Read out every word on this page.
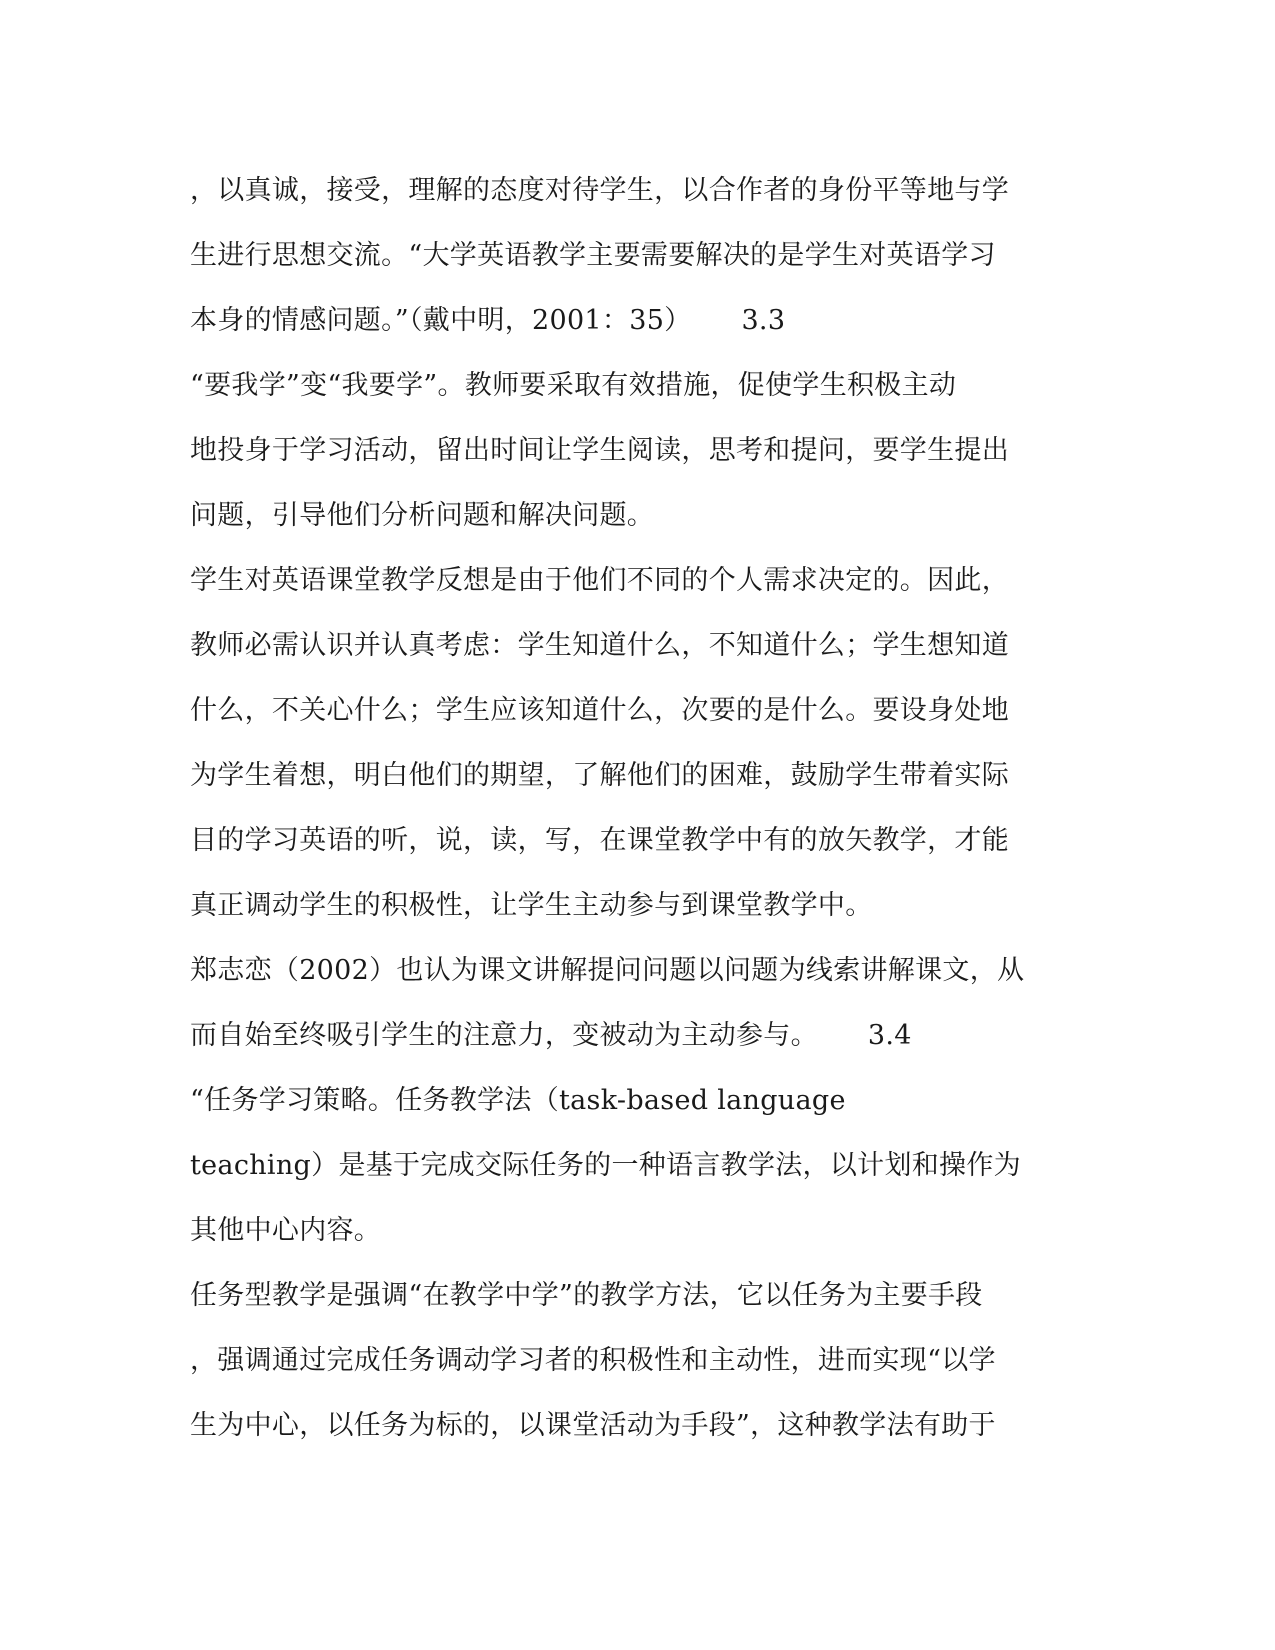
，以真诚，接受，理解的态度对待学生，以合作者的身份平等地与学
生进行思想交流。“大学英语教学主要需要解决的是学生对英语学习
本身的情感问题。”（戴中明，2001：35）　　 3.3
“要我学”变“我要学”。教师要采取有效措施，促使学生积极主动
地投身于学习活动，留出时间让学生阅读，思考和提问，要学生提出
问题，引导他们分析问题和解决问题。
学生对英语课堂教学反想是由于他们不同的个人需求决定的。因此，
教师必需认识并认真考虑：学生知道什么，不知道什么；学生想知道
什么，不关心什么；学生应该知道什么，次要的是什么。要设身处地
为学生着想，明白他们的期望，了解他们的困难，鼓励学生带着实际
目的学习英语的听，说，读，写，在课堂教学中有的放矢教学，才能
真正调动学生的积极性，让学生主动参与到课堂教学中。
郑志恋（2002）也认为课文讲解提问问题以问题为线索讲解课文，从
而自始至终吸引学生的注意力，变被动为主动参与。　　 3.4
“任务学习策略。任务教学法（task-based language
teaching）是基于完成交际任务的一种语言教学法，以计划和操作为
其他中心内容。
任务型教学是强调“在教学中学”的教学方法，它以任务为主要手段
，强调通过完成任务调动学习者的积极性和主动性，进而实现“以学
生为中心，以任务为标的，以课堂活动为手段”，这种教学法有助于
